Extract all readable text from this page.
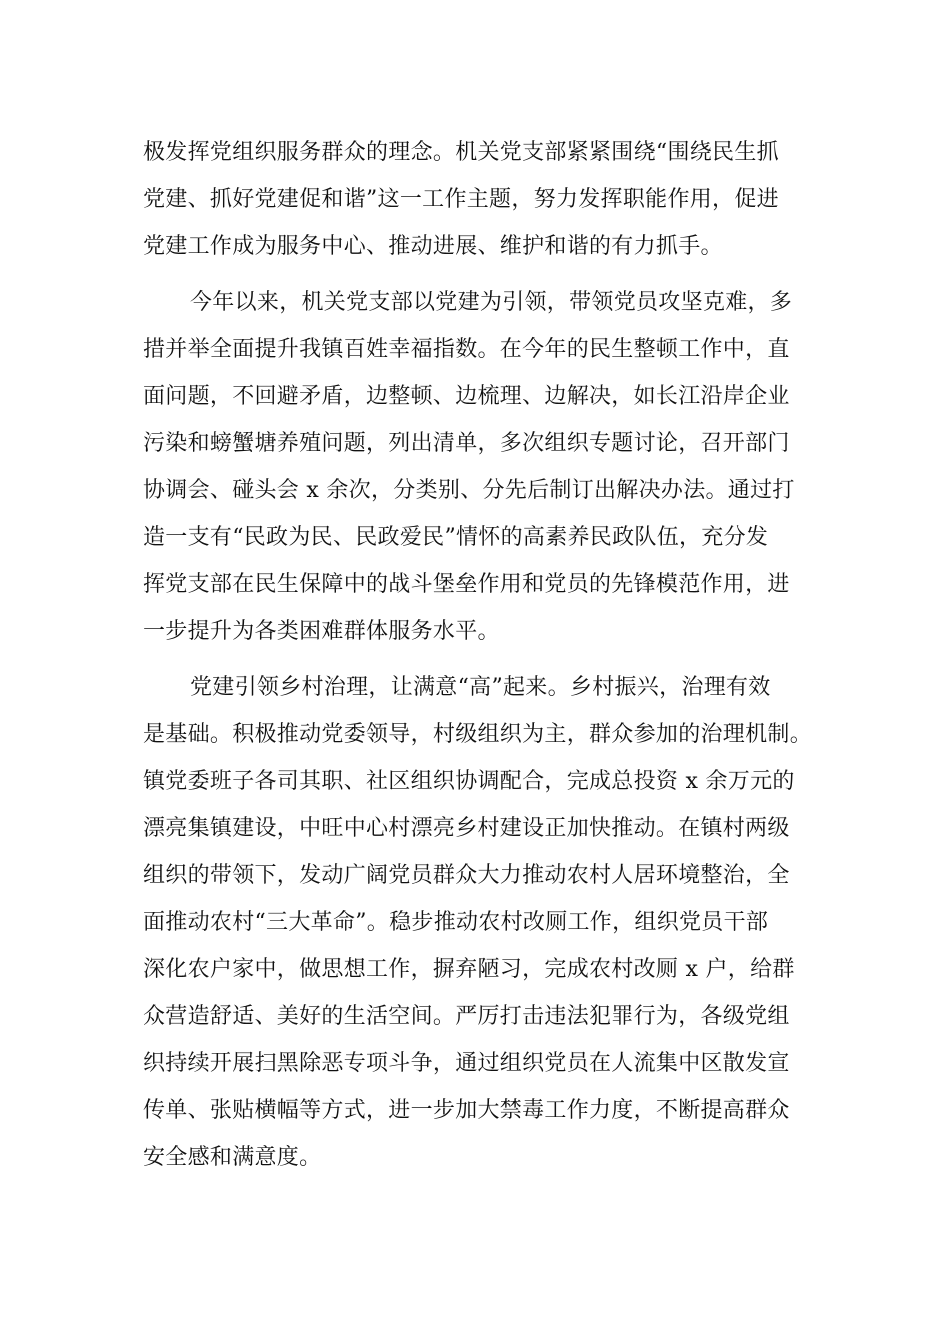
极发挥党组织服务群众的理念。机关党支部紧紧围绕“围绕民生抓
党建、抓好党建促和谐”这一工作主题，努力发挥职能作用，促进
党建工作成为服务中心、推动进展、维护和谐的有力抓手。
今年以来，机关党支部以党建为引领，带领党员攻坚克难，多
措并举全面提升我镇百姓幸福指数。在今年的民生整顿工作中，直
面问题，不回避矛盾，边整顿、边梳理、边解决，如长江沿岸企业
污染和螃蟹塘养殖问题，列出清单，多次组织专题讨论，召开部门
协调会、碰头会 x 余次，分类别、分先后制订出解决办法。通过打
造一支有“民政为民、民政爱民”情怀的高素养民政队伍，充分发
挥党支部在民生保障中的战斗堡垒作用和党员的先锋模范作用，进
一步提升为各类困难群体服务水平。
党建引领乡村治理，让满意“高”起来。乡村振兴，治理有效
是基础。积极推动党委领导，村级组织为主，群众参加的治理机制。
镇党委班子各司其职、社区组织协调配合，完成总投资 x 余万元的
漂亮集镇建设，中旺中心村漂亮乡村建设正加快推动。在镇村两级
组织的带领下，发动广阔党员群众大力推动农村人居环境整治，全
面推动农村“三大革命”。稳步推动农村改厕工作，组织党员干部
深化农户家中，做思想工作，摒弃陋习，完成农村改厕 x 户，给群
众营造舒适、美好的生活空间。严厉打击违法犯罪行为，各级党组
织持续开展扫黑除恶专项斗争，通过组织党员在人流集中区散发宣
传单、张贴横幅等方式，进一步加大禁毒工作力度，不断提高群众
安全感和满意度。
